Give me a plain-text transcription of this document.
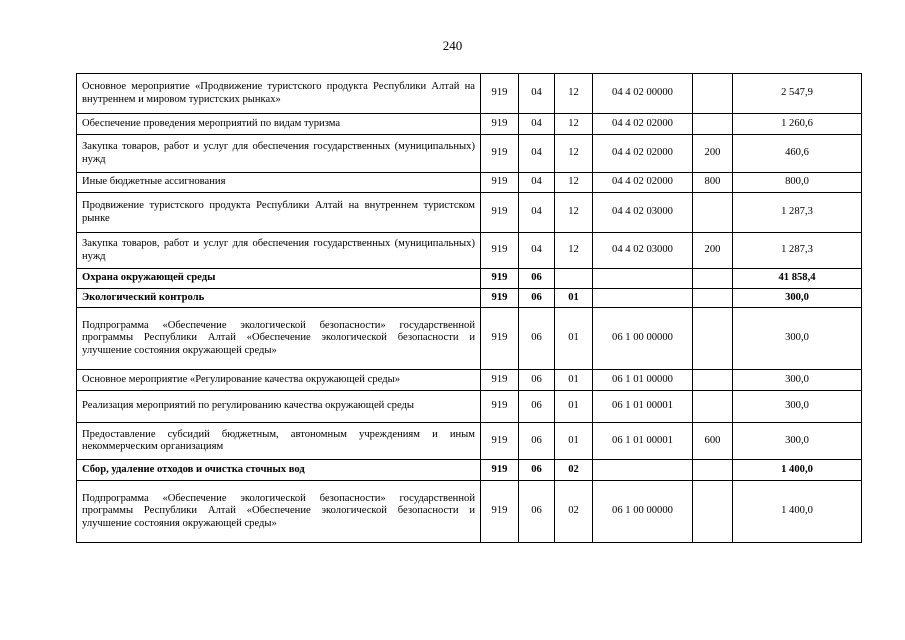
240
Основное мероприятие «Продвижение туристского продукта Республики Алтай на внутреннем и мировом туристских рынках»	919	04	12	04 4 02 00000		2 547,9
Обеспечение проведения мероприятий по видам туризма	919	04	12	04 4 02 02000		1 260,6
Закупка товаров, работ и услуг для обеспечения государственных (муниципальных) нужд	919	04	12	04 4 02 02000	200	460,6
Иные бюджетные ассигнования	919	04	12	04 4 02 02000	800	800,0
Продвижение туристского продукта Республики Алтай на внутреннем туристском рынке	919	04	12	04 4 02 03000		1 287,3
Закупка товаров, работ и услуг для обеспечения государственных (муниципальных) нужд	919	04	12	04 4 02 03000	200	1 287,3
Охрана окружающей среды	919	06				41 858,4
Экологический контроль	919	06	01			300,0
Подпрограмма «Обеспечение экологической безопасности» государственной программы Республики Алтай «Обеспечение экологической безопасности и улучшение состояния окружающей среды»	919	06	01	06 1 00 00000		300,0
Основное мероприятие «Регулирование качества окружающей среды»	919	06	01	06 1 01 00000		300,0
Реализация мероприятий по регулированию качества окружающей среды	919	06	01	06 1 01 00001		300,0
Предоставление субсидий бюджетным, автономным учреждениям и иным некоммерческим организациям	919	06	01	06 1 01 00001	600	300,0
Сбор, удаление отходов и очистка сточных вод	919	06	02			1 400,0
Подпрограмма «Обеспечение экологической безопасности» государственной программы Республики Алтай «Обеспечение экологической безопасности и улучшение состояния окружающей среды»	919	06	02	06 1 00 00000		1 400,0
